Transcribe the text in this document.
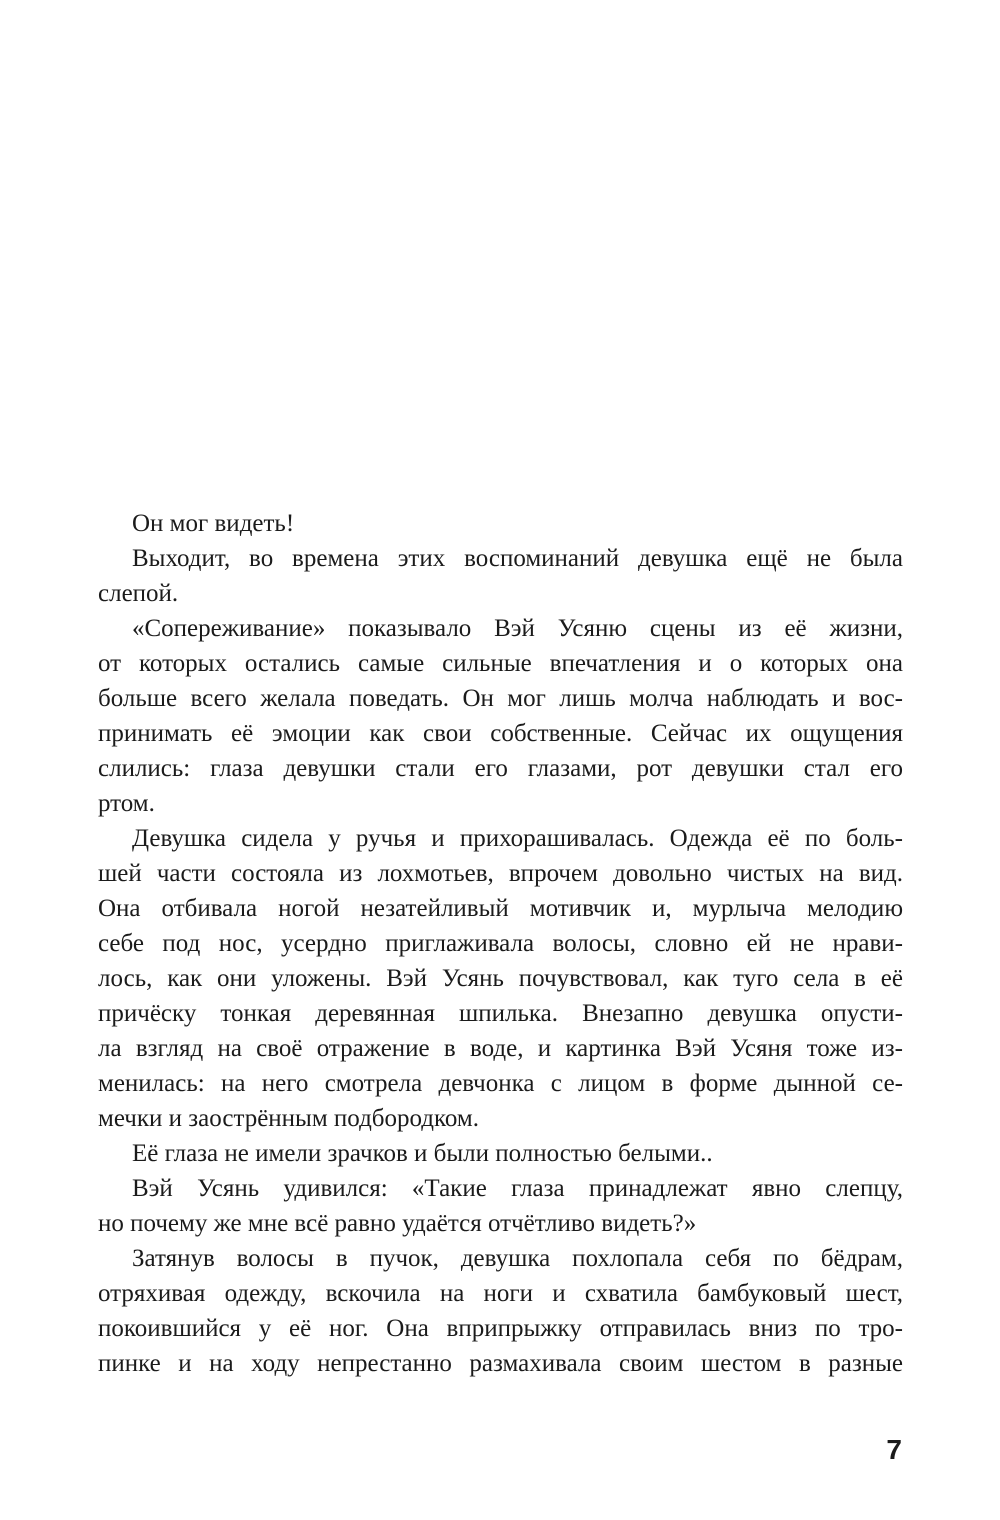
Он мог видеть!
Выходит, во времена этих воспоминаний девушка ещё не была
слепой.
«Сопереживание» показывало Вэй Усяню сцены из её жизни,
от которых остались самые сильные впечатления и о которых она
больше всего желала поведать. Он мог лишь молча наблюдать и вос-
принимать её эмоции как свои собственные. Сейчас их ощущения
слились: глаза девушки стали его глазами, рот девушки стал его
ртом.
Девушка сидела у ручья и прихорашивалась. Одежда её по боль-
шей части состояла из лохмотьев, впрочем довольно чистых на вид.
Она отбивала ногой незатейливый мотивчик и, мурлыча мелодию
себе под нос, усердно приглаживала волосы, словно ей не нрави-
лось, как они уложены. Вэй Усянь почувствовал, как туго села в её
причёску тонкая деревянная шпилька. Внезапно девушка опусти-
ла взгляд на своё отражение в воде, и картинка Вэй Усяня тоже из-
менилась: на него смотрела девчонка с лицом в форме дынной се-
мечки и заострённым подбородком.
Её глаза не имели зрачков и были полностью белыми..
Вэй Усянь удивился: «Такие глаза принадлежат явно слепцу,
но почему же мне всё равно удаётся отчётливо видеть?»
Затянув волосы в пучок, девушка похлопала себя по бёдрам,
отряхивая одежду, вскочила на ноги и схватила бамбуковый шест,
покоившийся у её ног. Она вприпрыжку отправилась вниз по тро-
пинке и на ходу непрестанно размахивала своим шестом в разные
7
